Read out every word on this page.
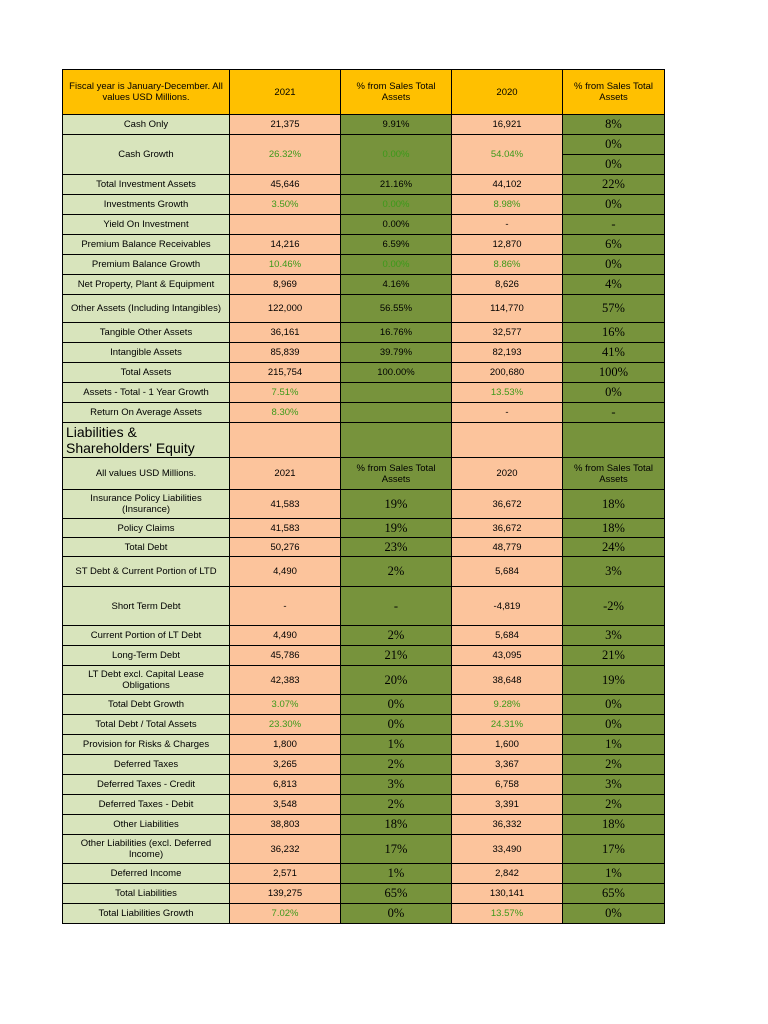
Fiscal year is January-December. All values USD Millions.	2021	% from Sales Total Assets	2020	% from Sales Total Assets
Cash Only	21,375	9.91%	16,921	8%
Cash Growth	26.32%	0.00%	54.04%	0%
				0%
Total Investment Assets	45,646	21.16%	44,102	22%
Investments Growth	3.50%	0.00%	8.98%	0%
Yield On Investment		0.00%	-	-
Premium Balance Receivables	14,216	6.59%	12,870	6%
Premium Balance Growth	10.46%	0.00%	8.86%	0%
Net Property, Plant & Equipment	8,969	4.16%	8,626	4%
Other Assets (Including Intangibles)	122,000	56.55%	114,770	57%
Tangible Other Assets	36,161	16.76%	32,577	16%
Intangible Assets	85,839	39.79%	82,193	41%
Total Assets	215,754	100.00%	200,680	100%
Assets - Total - 1 Year Growth	7.51%		13.53%	0%
Return On Average Assets	8.30%		-	-
Liabilities & Shareholders' Equity				
All values USD Millions.	2021	% from Sales Total Assets	2020	% from Sales Total Assets
Insurance Policy Liabilities (Insurance)	41,583	19%	36,672	18%
Policy Claims	41,583	19%	36,672	18%
Total Debt	50,276	23%	48,779	24%
ST Debt & Current Portion of LTD	4,490	2%	5,684	3%
Short Term Debt	-	-	-4,819	-2%
Current Portion of LT Debt	4,490	2%	5,684	3%
Long-Term Debt	45,786	21%	43,095	21%
LT Debt excl. Capital Lease Obligations	42,383	20%	38,648	19%
Total Debt Growth	3.07%	0%	9.28%	0%
Total Debt / Total Assets	23.30%	0%	24.31%	0%
Provision for Risks & Charges	1,800	1%	1,600	1%
Deferred Taxes	3,265	2%	3,367	2%
Deferred Taxes - Credit	6,813	3%	6,758	3%
Deferred Taxes - Debit	3,548	2%	3,391	2%
Other Liabilities	38,803	18%	36,332	18%
Other Liabilities (excl. Deferred Income)	36,232	17%	33,490	17%
Deferred Income	2,571	1%	2,842	1%
Total Liabilities	139,275	65%	130,141	65%
Total Liabilities Growth	7.02%	0%	13.57%	0%
